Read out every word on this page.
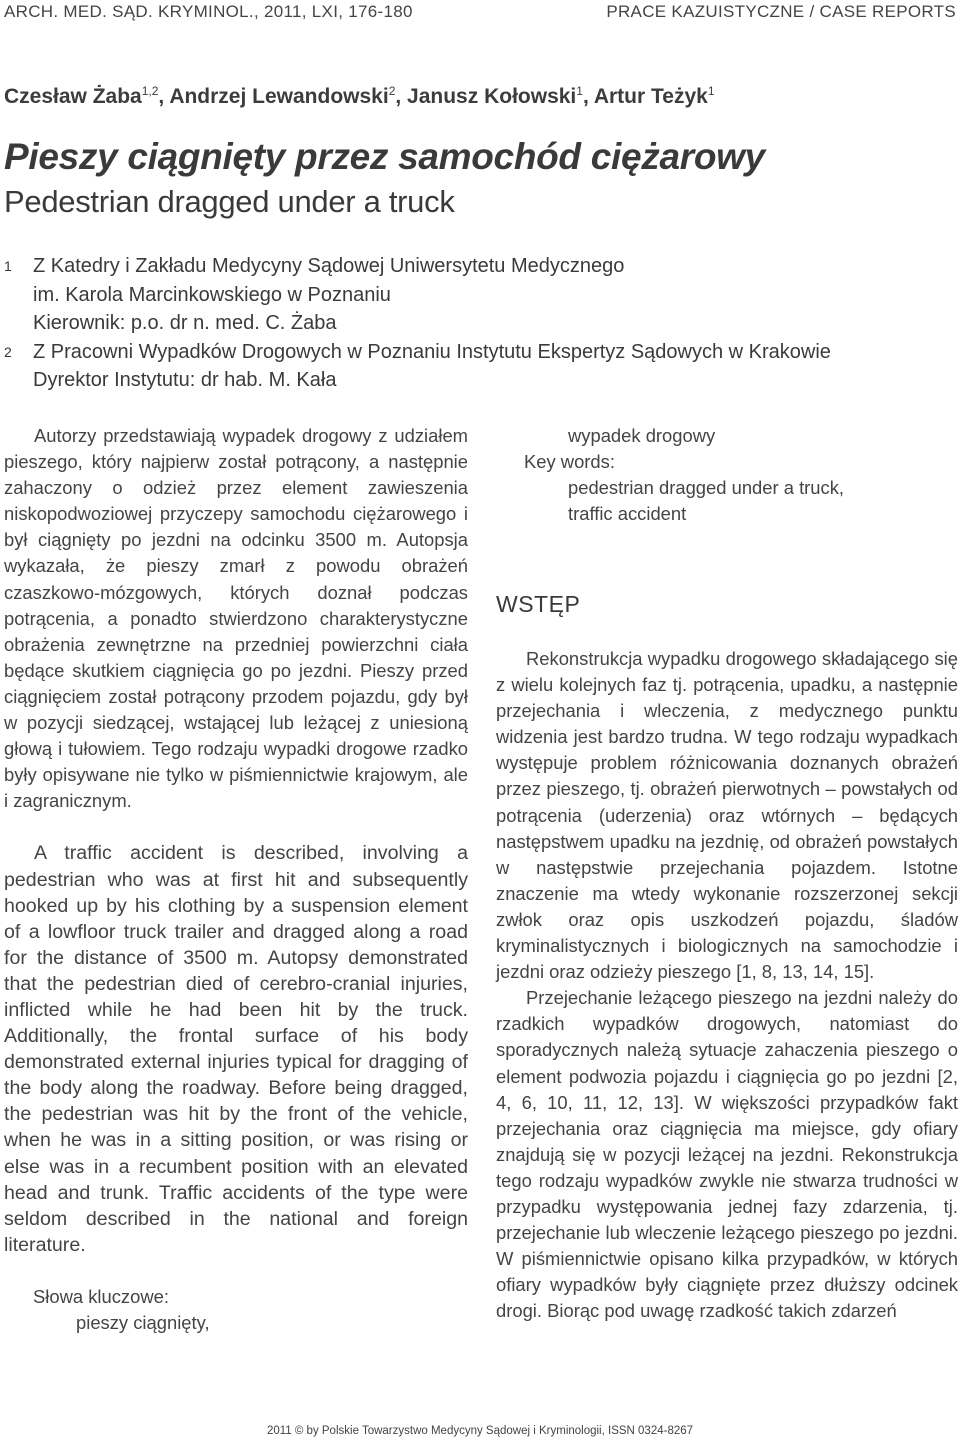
ARCH. MED. SĄD. KRYMINOL., 2011, LXI, 176-180	PRACE KAZUISTYCZNE / CASE REPORTS
Czesław Żaba$^{1,2}$, Andrzej Lewandowski$^2$, Janusz Kołowski$^1$, Artur Teżyk$^1$
Pieszy ciągnięty przez samochód ciężarowy
Pedestrian dragged under a truck
1	Z Katedry i Zakładu Medycyny Sądowej Uniwersytetu Medycznego
im. Karola Marcinkowskiego w Poznaniu
Kierownik: p.o. dr n. med. C. Żaba
2	Z Pracowni Wypadków Drogowych w Poznaniu Instytutu Ekspertyz Sądowych w Krakowie
Dyrektor Instytutu: dr hab. M. Kała

Autorzy przedstawiają wypadek drogowy z udziałem pieszego, który najpierw został potrącony, a następnie zahaczony o odzież przez element zawieszenia niskopodwoziowej przyczepy samochodu ciężarowego i był ciągnięty po jezdni na odcinku 3500 m. Autopsja wykazała, że pieszy zmarł z powodu obrażeń czaszkowo-mózgowych, których doznał podczas potrącenia, a ponadto stwierdzono charakterystyczne obrażenia zewnętrzne na przedniej powierzchni ciała będące skutkiem ciągnięcia go po jezdni. Pieszy przed ciągnięciem został potrącony przodem pojazdu, gdy był w pozycji siedzącej, wstającej lub leżącej z uniesioną głową i tułowiem. Tego rodzaju wypadki drogowe rzadko były opisywane nie tylko w piśmiennictwie krajowym, ale i zagranicznym.

A traffic accident is described, involving a pedestrian who was at first hit and subsequently hooked up by his clothing by a suspension element of a lowfloor truck trailer and dragged along a road for the distance of 3500 m. Autopsy demonstrated that the pedestrian died of cerebro-cranial injuries, inflicted while he had been hit by the truck. Additionally, the frontal surface of his body demonstrated external injuries typical for dragging of the body along the roadway. Before being dragged, the pedestrian was hit by the front of the vehicle, when he was in a sitting position, or was rising or else was in a recumbent position with an elevated head and trunk. Traffic accidents of the type were seldom described in the national and foreign literature.

Słowa kluczowe:

pieszy ciągnięty,

wypadek drogowy

Key words:

pedestrian dragged under a truck,

traffic accident

WSTĘP

Rekonstrukcja wypadku drogowego składającego się z wielu kolejnych faz tj. potrącenia, upadku, a następnie przejechania i wleczenia, z medycznego punktu widzenia jest bardzo trudna. W tego rodzaju wypadkach występuje problem różnicowania doznanych obrażeń przez pieszego, tj. obrażeń pierwotnych – powstałych od potrącenia (uderzenia) oraz wtórnych – będących następstwem upadku na jezdnię, od obrażeń powstałych w następstwie przejechania pojazdem. Istotne znaczenie ma wtedy wykonanie rozszerzonej sekcji zwłok oraz opis uszkodzeń pojazdu, śladów kryminalistycznych i biologicznych na samochodzie i jezdni oraz odzieży pieszego [1, 8, 13, 14, 15].

Przejechanie leżącego pieszego na jezdni należy do rzadkich wypadków drogowych, natomiast do sporadycznych należą sytuacje zahaczenia pieszego o element podwozia pojazdu i ciągnięcia go po jezdni [2, 4, 6, 10, 11, 12, 13]. W większości przypadków fakt przejechania oraz ciągnięcia ma miejsce, gdy ofiary znajdują się w pozycji leżącej na jezdni. Rekonstrukcja tego rodzaju wypadków zwykle nie stwarza trudności w przypadku występowania jednej fazy zdarzenia, tj. przejechanie lub wleczenie leżącego pieszego po jezdni. W piśmiennictwie opisano kilka przypadków, w których ofiary wypadków były ciągnięte przez dłuższy odcinek drogi. Biorąc pod uwagę rzadkość takich zdarzeń

2011 © by Polskie Towarzystwo Medycyny Sądowej i Kryminologii, ISSN 0324-8267
